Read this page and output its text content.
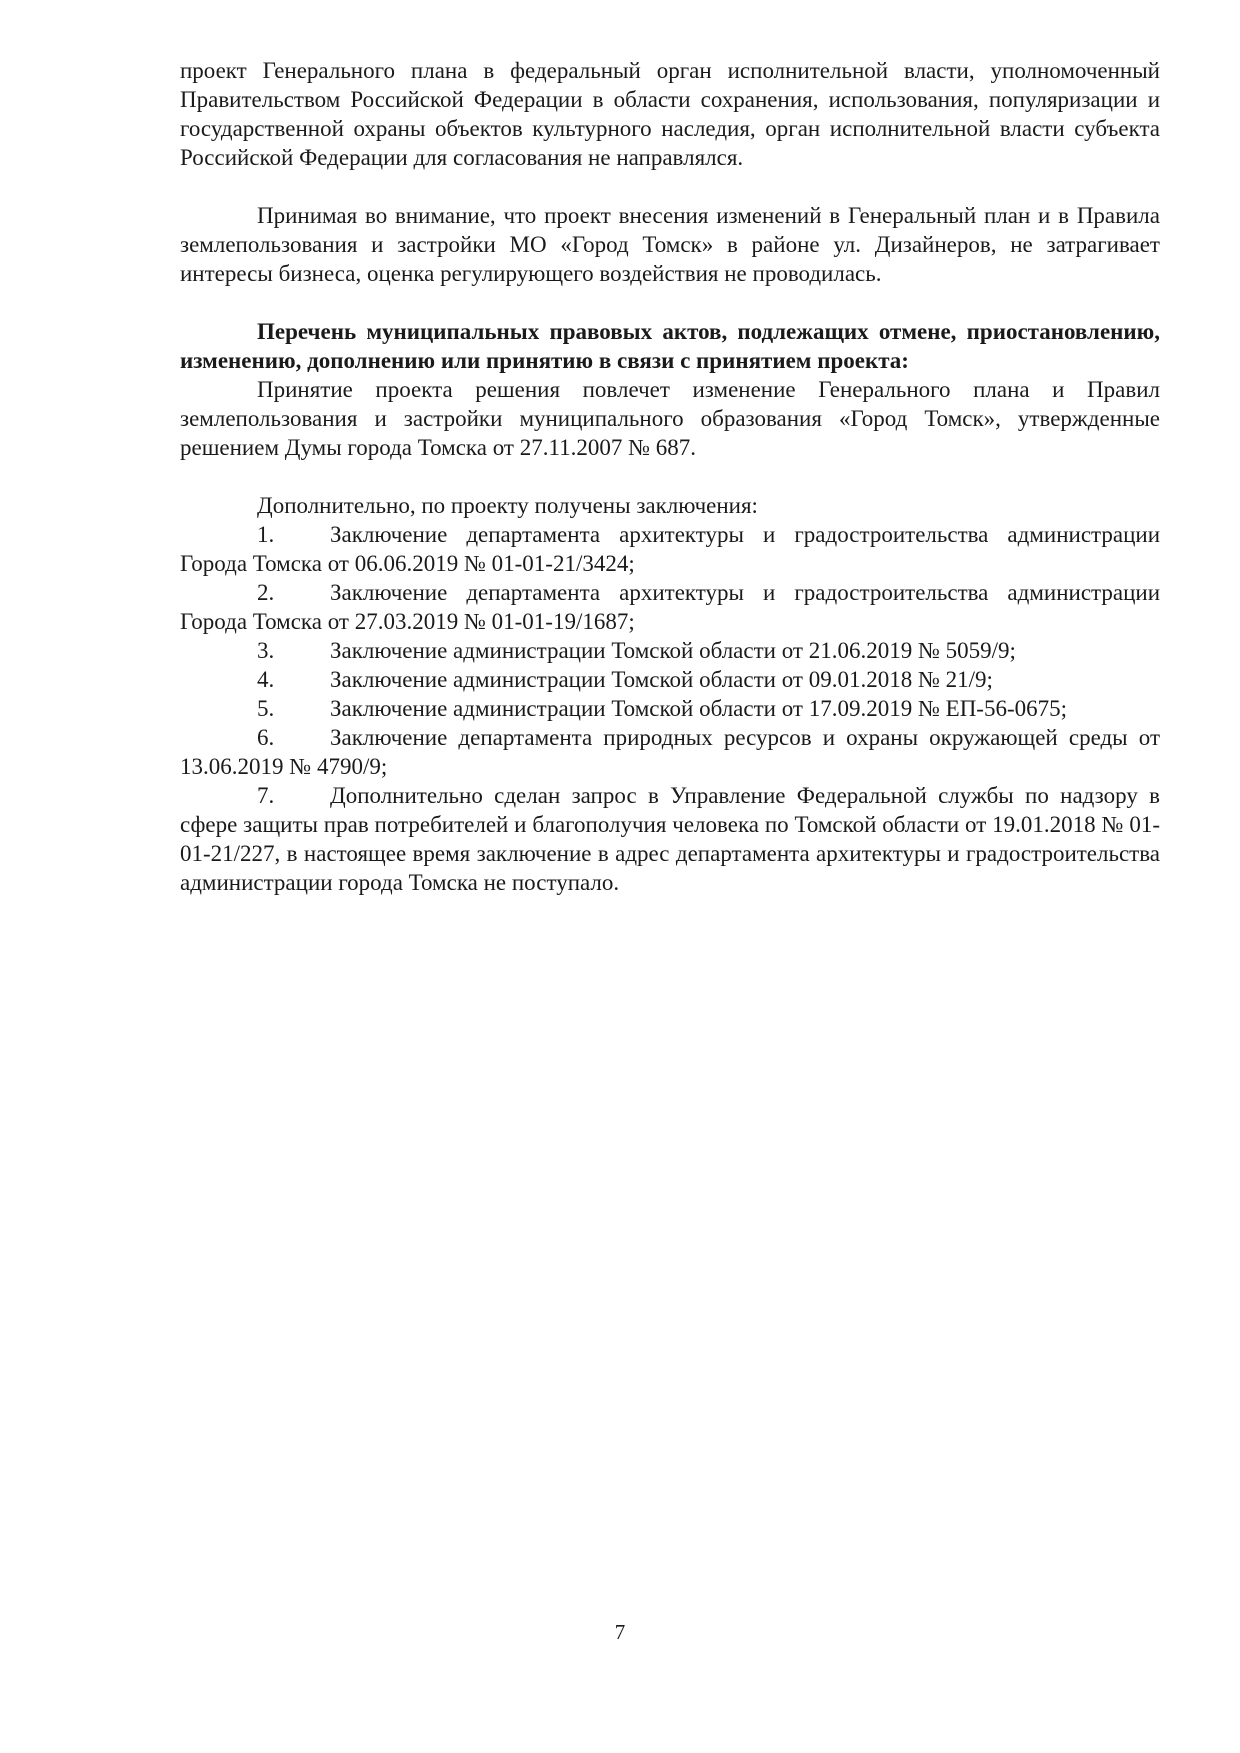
проект Генерального плана в федеральный орган исполнительной власти, уполномоченный Правительством Российской Федерации в области сохранения, использования, популяризации и государственной охраны объектов культурного наследия, орган исполнительной власти субъекта Российской Федерации для согласования не направлялся.

Принимая во внимание, что проект внесения изменений в Генеральный план и в Правила землепользования и застройки МО «Город Томск» в районе ул. Дизайнеров, не затрагивает интересы бизнеса, оценка регулирующего воздействия не проводилась.

Перечень муниципальных правовых актов, подлежащих отмене, приостановлению, изменению, дополнению или принятию в связи с принятием проекта:

Принятие проекта решения повлечет изменение Генерального плана и Правил землепользования и застройки муниципального образования «Город Томск», утвержденные решением Думы города Томска от 27.11.2007 № 687.

Дополнительно, по проекту получены заключения:

1. Заключение департамента архитектуры и градостроительства администрации Города Томска от 06.06.2019 № 01-01-21/3424;

2. Заключение департамента архитектуры и градостроительства администрации Города Томска от 27.03.2019 № 01-01-19/1687;

3. Заключение администрации Томской области от 21.06.2019 № 5059/9;

4. Заключение администрации Томской области от 09.01.2018 № 21/9;

5. Заключение администрации Томской области от 17.09.2019 № ЕП-56-0675;

6. Заключение департамента природных ресурсов и охраны окружающей среды от 13.06.2019 № 4790/9;

7. Дополнительно сделан запрос в Управление Федеральной службы по надзору в сфере защиты прав потребителей и благополучия человека по Томской области от 19.01.2018 № 01-01-21/227, в настоящее время заключение в адрес департамента архитектуры и градостроительства администрации города Томска не поступало.

7
